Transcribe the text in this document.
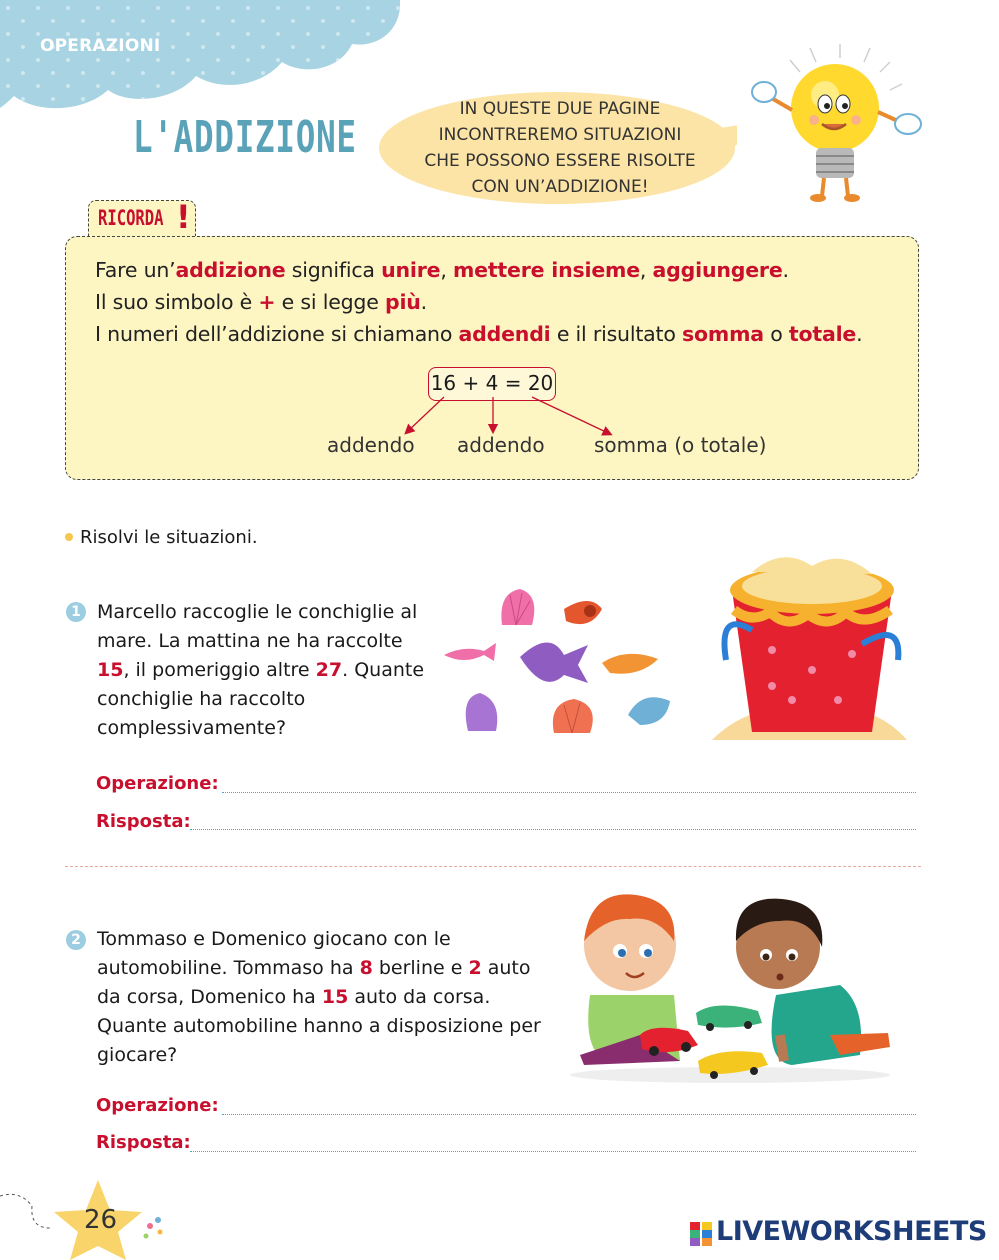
OPERAZIONI
L'ADDIZIONE
IN QUESTE DUE PAGINE
INCONTREREMO SITUAZIONI
CHE POSSONO ESSERE RISOLTE
CON UN’ADDIZIONE!
RICORDA !
Fare un’addizione significa unire, mettere insieme, aggiungere.
Il suo simbolo è + e si legge più.
I numeri dell’addizione si chiamano addendi e il risultato somma o totale.
16 + 4 = 20
addendo addendo somma (o totale)
Risolvi le situazioni.
1 Marcello raccoglie le conchiglie al mare. La mattina ne ha raccolte 15, il pomeriggio altre 27. Quante conchiglie ha raccolto complessivamente?
Operazione:
Risposta:
2 Tommaso e Domenico giocano con le automobiline. Tommaso ha 8 berline e 2 auto da corsa, Domenico ha 15 auto da corsa. Quante automobiline hanno a disposizione per giocare?
Operazione:
Risposta:
26	LIVEWORKSHEETS
